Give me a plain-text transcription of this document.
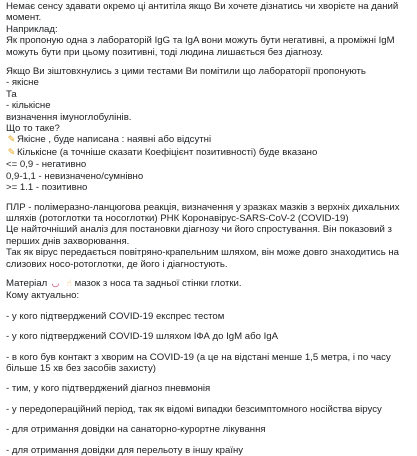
Немає сенсу здавати окремо ці антитіла якщо Ви хочете дізнатись чи хворієте на даний
момент.
Наприклад:
Як пропоную одна з лабораторій IgG та IgA вони можуть бути негативні, а проміжні IgM
можуть бути при цьому позитивні, тоді людина лишається без діагнозу.
Якщо Ви зіштовхнулись з цими тестами Ви помітили що лабораторії пропонують
- якісне
Та
- кількісне
визначення імуноглобулінів.
Що то таке?
✎ Якісне , буде написана : наявні або відсутні
✎ Кількісне (а точніше сказати Коефіцієнт позитивності) буде вказано
<= 0,9 - негативно
0,9-1,1 - невизначено/сумнівно
>= 1.1 - позитивно
ПЛР - полімеразно-ланцюгова реакція, визначення у зразках мазків з верхніх дихальних
шляхів (ротоглотки та носоглотки) РНК Коронавірус-SARS-CoV-2 (COVID-19)
Це найточніший аналіз для постановки діагнозу чи його спростування. Він показовий з
перших днів захворювання.
Так як вірус передається повітряно-крапельним шляхом, він може довго знаходитись на
слизових носо-ротоглотки, де його і діагностують.
Матеріал ◡ ☝ мазок з носа та задньої стінки глотки.
Кому актуально:
- у кого підтверджений COVID-19 експрес тестом
- у кого підтверджений COVID-19 шляхом ІФА до IgM або IgA
- в кого був контакт з хворим на COVID-19 (а це на відстані менше 1,5 метра, і по часу
більше 15 хв без засобів захисту)
- тим, у кого підтверджений діагноз пневмонія
- у передопераційний період, так як відомі випадки безсимптомного носійства вірусу
- для отримання довідки на санаторно-курортне лікування
- для отримання довідки для перельоту в іншу країну
